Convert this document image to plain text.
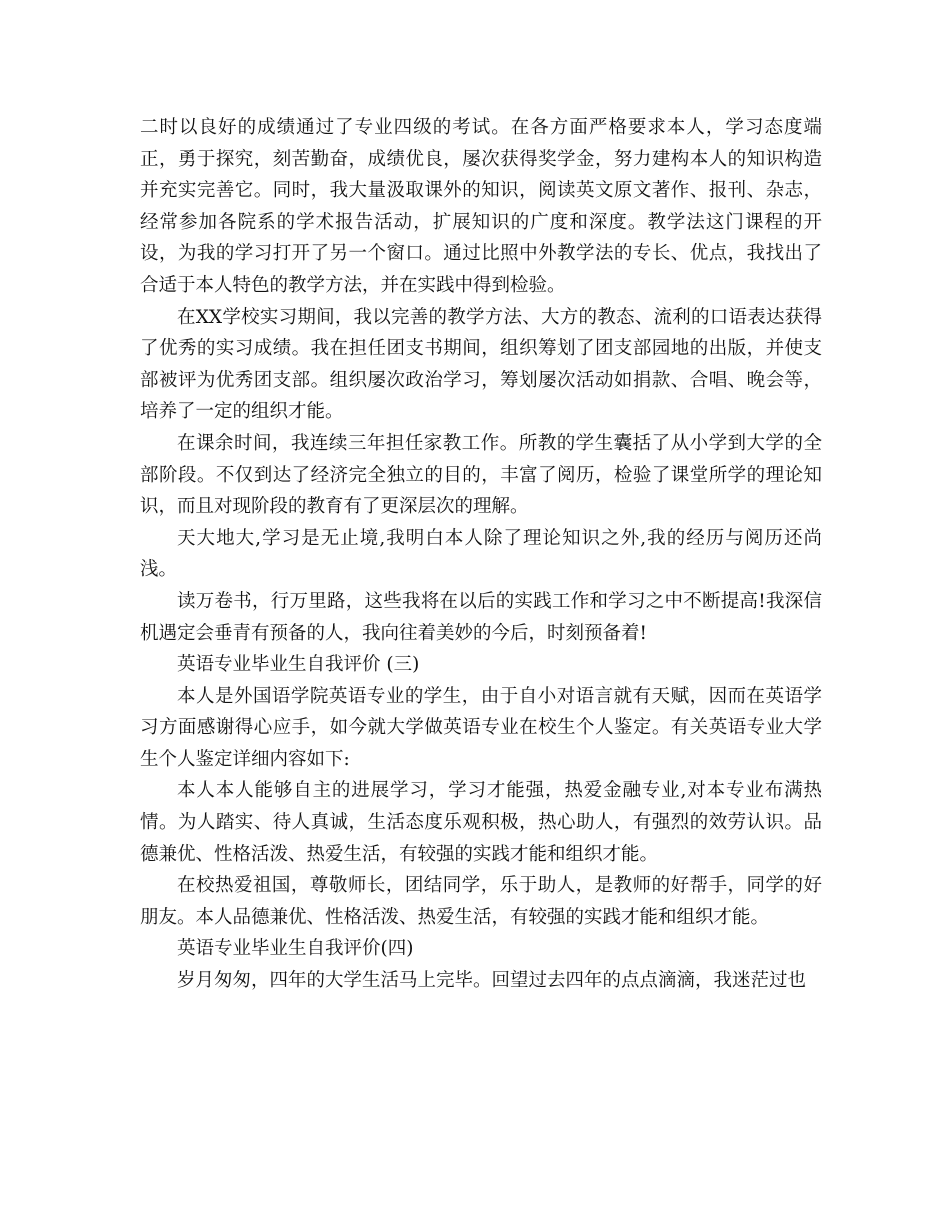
二时以良好的成绩通过了专业四级的考试。在各方面严格要求本人，学习态度端正，勇于探究，刻苦勤奋，成绩优良，屡次获得奖学金，努力建构本人的知识构造并充实完善它。同时，我大量汲取课外的知识，阅读英文原文著作、报刊、杂志，经常参加各院系的学术报告活动，扩展知识的广度和深度。教学法这门课程的开设，为我的学习打开了另一个窗口。通过比照中外教学法的专长、优点，我找出了合适于本人特色的教学方法，并在实践中得到检验。

在XX学校实习期间，我以完善的教学方法、大方的教态、流利的口语表达获得了优秀的实习成绩。我在担任团支书期间，组织筹划了团支部园地的出版，并使支部被评为优秀团支部。组织屡次政治学习，筹划屡次活动如捐款、合唱、晚会等，培养了一定的组织才能。

在课余时间，我连续三年担任家教工作。所教的学生囊括了从小学到大学的全部阶段。不仅到达了经济完全独立的目的，丰富了阅历，检验了课堂所学的理论知识，而且对现阶段的教育有了更深层次的理解。

天大地大,学习是无止境,我明白本人除了理论知识之外,我的经历与阅历还尚浅。

读万卷书，行万里路，这些我将在以后的实践工作和学习之中不断提高!我深信机遇定会垂青有预备的人，我向往着美妙的今后，时刻预备着!

英语专业毕业生自我评价 (三)

本人是外国语学院英语专业的学生，由于自小对语言就有天赋，因而在英语学习方面感谢得心应手，如今就大学做英语专业在校生个人鉴定。有关英语专业大学生个人鉴定详细内容如下:

本人本人能够自主的进展学习，学习才能强，热爱金融专业,对本专业布满热情。为人踏实、待人真诚，生活态度乐观积极，热心助人，有强烈的效劳认识。品德兼优、性格活泼、热爱生活，有较强的实践才能和组织才能。

在校热爱祖国，尊敬师长，团结同学，乐于助人，是教师的好帮手，同学的好朋友。本人品德兼优、性格活泼、热爱生活，有较强的实践才能和组织才能。

英语专业毕业生自我评价(四)

岁月匆匆，四年的大学生活马上完毕。回望过去四年的点点滴滴，我迷茫过也
